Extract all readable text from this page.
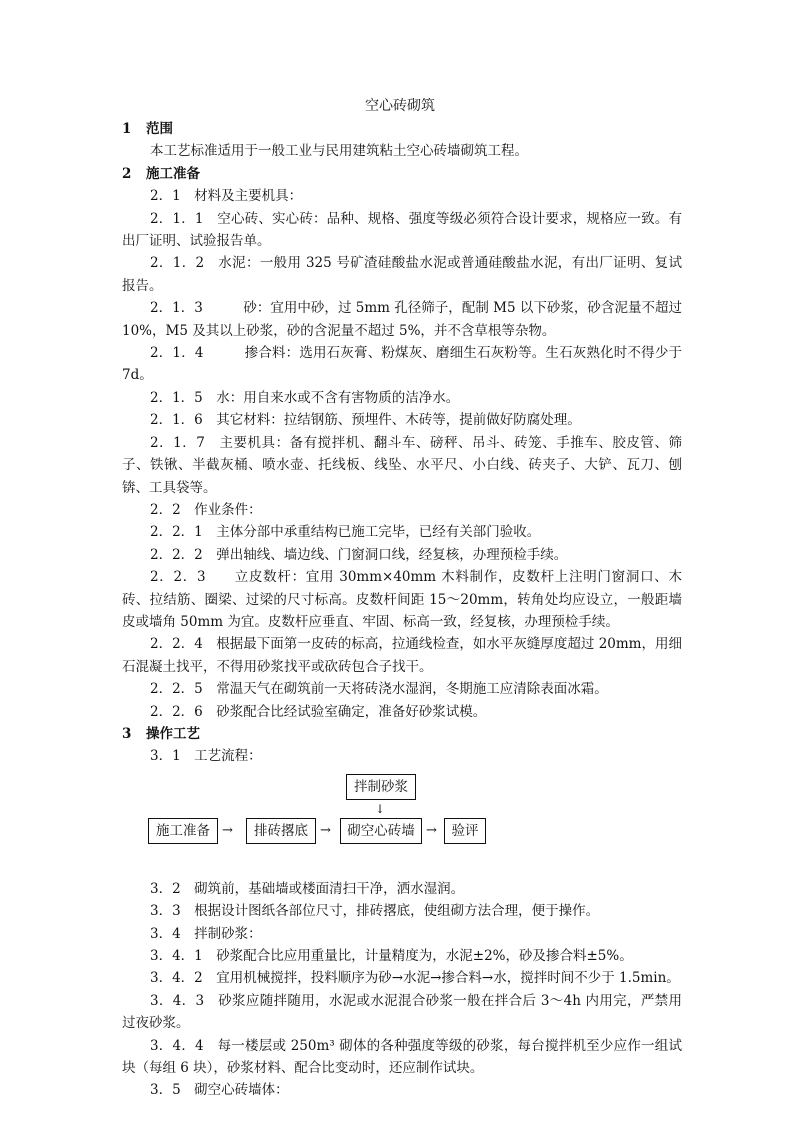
空心砖砌筑
1 范围

本工艺标准适用于一般工业与民用建筑粘土空心砖墙砌筑工程。

2 施工准备

2．1　材料及主要机具：

2．1．1　空心砖、实心砖：品种、规格、强度等级必须符合设计要求，规格应一致。有出厂证明、试验报告单。

2．1．2　水泥：一般用 325 号矿渣硅酸盐水泥或普通硅酸盐水泥，有出厂证明、复试报告。

2．1．3　　　砂：宜用中砂，过 5mm 孔径筛子，配制 M5 以下砂浆，砂含泥量不超过 10%，M5 及其以上砂浆，砂的含泥量不超过 5%，并不含草根等杂物。

2．1．4　　　掺合料：选用石灰膏、粉煤灰、磨细生石灰粉等。生石灰熟化时不得少于 7d。

2．1．5　水：用自来水或不含有害物质的洁净水。

2．1．6　其它材料：拉结钢筋、预埋件、木砖等，提前做好防腐处理。

2．1．7　主要机具：备有搅拌机、翻斗车、磅秤、吊斗、砖笼、手推车、胶皮管、筛子、铁锹、半截灰桶、喷水壶、托线板、线坠、水平尺、小白线、砖夹子、大铲、瓦刀、刨锛、工具袋等。

2．2　作业条件：

2．2．1　主体分部中承重结构已施工完毕，已经有关部门验收。

2．2．2　弹出轴线、墙边线、门窗洞口线，经复核，办理预检手续。

2．2．3　　立皮数杆：宜用 30mm×40mm 木料制作，皮数杆上注明门窗洞口、木砖、拉结筋、圈梁、过梁的尺寸标高。皮数杆间距 15～20mm，转角处均应设立，一般距墙皮或墙角 50mm 为宜。皮数杆应垂直、牢固、标高一致，经复核，办理预检手续。

2．2．4　根据最下面第一皮砖的标高，拉通线检查，如水平灰缝厚度超过 20mm，用细石混凝土找平，不得用砂浆找平或砍砖包合子找干。

2．2．5　常温天气在砌筑前一天将砖浇水湿润，冬期施工应清除表面冰霜。

2．2．6　砂浆配合比经试验室确定，准备好砂浆试模。

3 操作工艺

3．1　工艺流程：

拌制砂浆
↓
施工准备 →	排砖撂底 →	砌空心砖墙 →	验评

3．2　砌筑前，基础墙或楼面清扫干净，洒水湿润。

3．3　根据设计图纸各部位尺寸，排砖撂底，使组砌方法合理，便于操作。

3．4　拌制砂浆：

3．4．1　砂浆配合比应用重量比，计量精度为，水泥±2%，砂及掺合料±5%。

3．4．2　宜用机械搅拌，投料顺序为砂→水泥→掺合料→水，搅拌时间不少于 1.5min。

3．4．3　砂浆应随拌随用，水泥或水泥混合砂浆一般在拌合后 3～4h 内用完，严禁用过夜砂浆。

3．4．4　每一楼层或 250m³ 砌体的各种强度等级的砂浆，每台搅拌机至少应作一组试块（每组 6 块），砂浆材料、配合比变动时，还应制作试块。

3．5　砌空心砖墙体：
